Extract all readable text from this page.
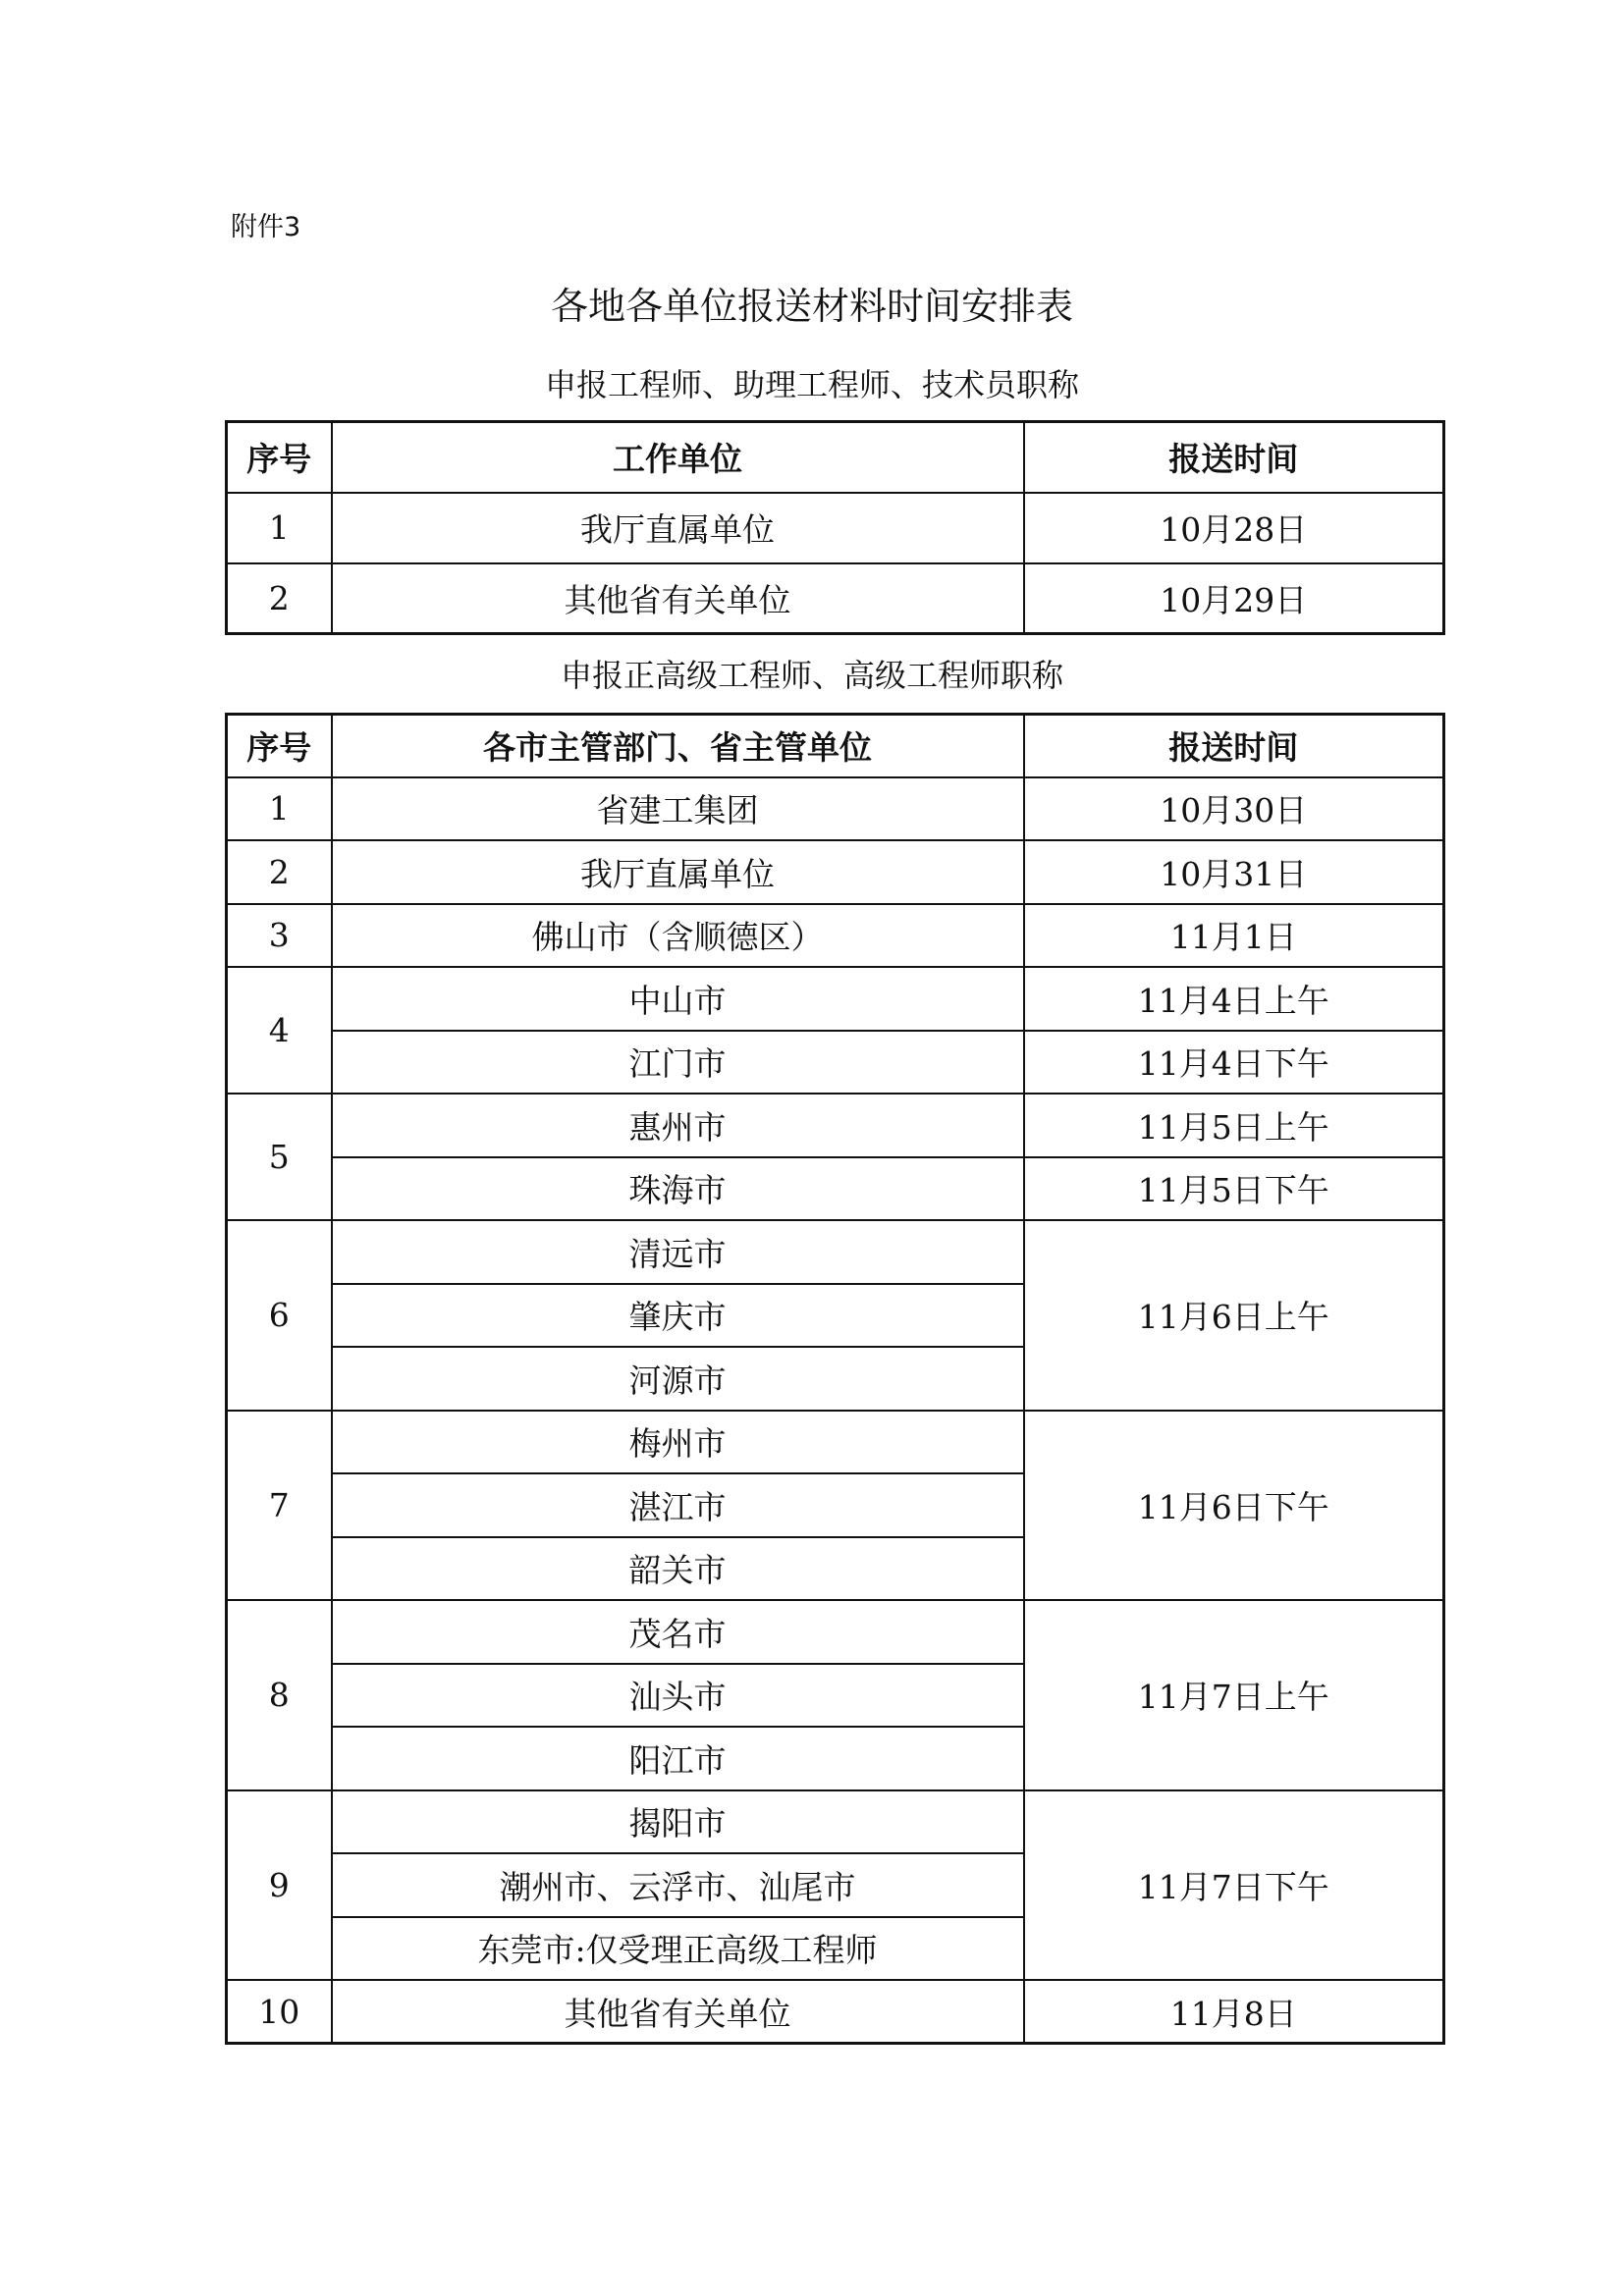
附件3
各地各单位报送材料时间安排表
申报工程师、助理工程师、技术员职称
序号	工作单位	报送时间
1	我厅直属单位	10月28日
2	其他省有关单位	10月29日
申报正高级工程师、高级工程师职称
序号	各市主管部门、省主管单位	报送时间
1	省建工集团	10月30日
2	我厅直属单位	10月31日
3	佛山市（含顺德区）	11月1日
4	中山市	11月4日上午
	江门市	11月4日下午
5	惠州市	11月5日上午
	珠海市	11月5日下午
6	清远市	11月6日上午
	肇庆市	
	河源市	
7	梅州市	11月6日下午
	湛江市	
	韶关市	
8	茂名市	11月7日上午
	汕头市	
	阳江市	
9	揭阳市	11月7日下午
	潮州市、云浮市、汕尾市	
	东莞市:仅受理正高级工程师	
10	其他省有关单位	11月8日
